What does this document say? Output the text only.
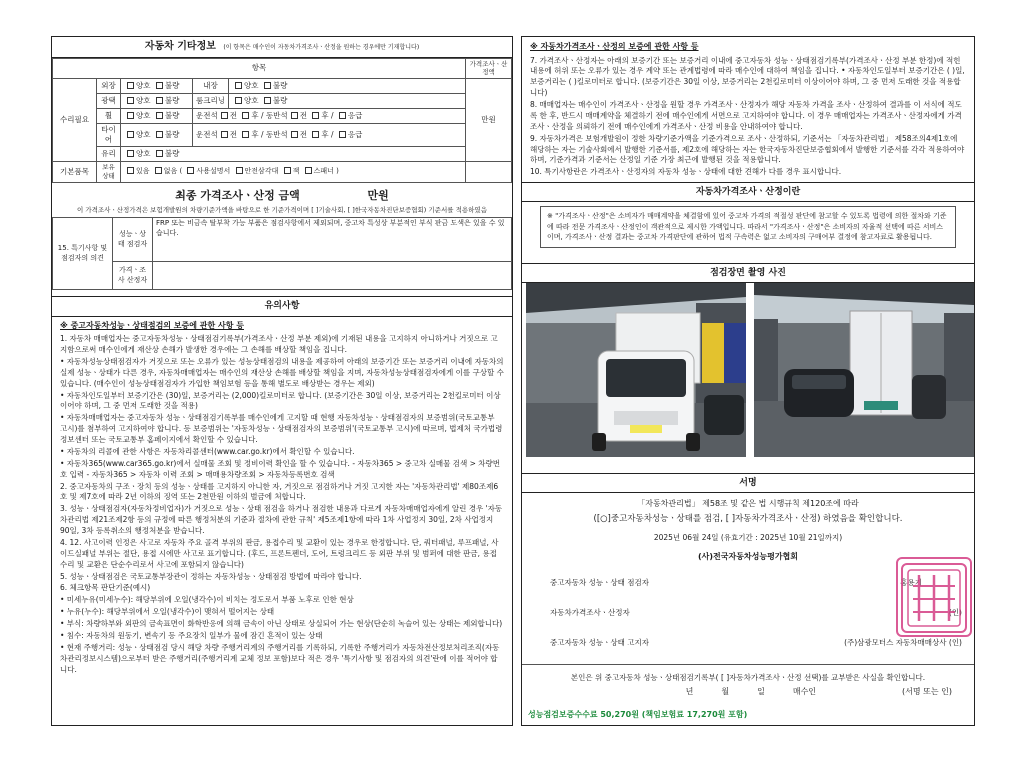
자동차 기타정보 (이 항목은 매수인이 자동차가격조사ㆍ산정을 원하는 경우에만 기재합니다)
항목					가격조사ㆍ산정액
수리필요	외장	양호 불량	내장	양호 불량	만원
	광택	양호 불량	룸크리닝	양호 불량	
	휠	양호 불량	운전석 전 후 / 동반석 전 후 / 응급		
	타이어	양호 불량	운전석 전 후 / 동반석 전 후 / 응급		
	유리	양호 불량			
기본품목	보유상태	있음 없음 ( 사용설명서 안전삼각대 잭 스패너 )			
최종 가격조사ㆍ산정 금액	만원
이 가격조사ㆍ산정가격은 보험개발원의 차량기준가액을 바탕으로 한 기준가격이며 [ ]기술사회, [ ]한국자동차진단보증협회) 기준서를 적용하였음
15. 특기사항 및 점검자의 의견	성능ㆍ상태 점검자	FRP 또는 비금속 탈부착 가능 부품은 점검사항에서 제외되며, 중고차 특성상 부분적인 부식 판금 도색은 있을 수 있습니다.
	가격ㆍ조사 산정자	
유의사항
※ 중고자동차성능ㆍ상태점검의 보증에 관한 사항 등

1. 자동차 매매업자는 중고자동차성능ㆍ상태점검기록부(가격조사ㆍ산정 부분 제외)에 기재된 내용을 고지하지 아니하거나 거짓으로 고지함으로써 매수인에게 재산상 손해가 발생한 경우에는 그 손해를 배상할 책임을 집니다.

• 자동차성능상태점검자가 거짓으로 또는 오류가 있는 성능상태점검의 내용을 제공하여 아래의 보증기간 또는 보증거리 이내에 자동차의 실제 성능ㆍ상태가 다른 경우, 자동차매매업자는 매수인의 재산상 손해를 배상할 책임을 지며, 자동차성능상태점검자에게 이를 구상할 수 있습니다. (매수인이 성능상태점검자가 가입한 책임보험 등을 통해 별도로 배상받는 경우는 제외)

• 자동차인도일부터 보증기간은 (30)일, 보증거리는 (2,000)킬로미터로 합니다. (보증기간은 30일 이상, 보증거리는 2천킬로미터 이상이어야 하며, 그 중 먼저 도래한 것을 적용)

• 자동차매매업자는 중고자동차 성능ㆍ상태점검기록부를 매수인에게 고지할 때 현행 자동차성능ㆍ상태점검자의 보증범위(국토교통부 고시)를 첨부하여 고지하여야 합니다. 등 보증범위는 '자동차성능ㆍ상태점검자의 보증범위'(국토교통부 고시)에 따르며, 법제처 국가법령정보센터 또는 국토교통부 홈페이지에서 확인할 수 있습니다.

• 자동차의 리콜에 관한 사항은 자동차리콜센터(www.car.go.kr)에서 확인할 수 있습니다.

• 자동차365(www.car365.go.kr)에서 실매물 조회 및 정비이력 확인을 할 수 있습니다. - 자동차365 > 중고차 실매물 검색 > 차량번호 입력 - 자동차365 > 자동차 이력 조회 > 매매용차량조회 > 자동차등록번호 검색

2. 중고자동차의 구조ㆍ장치 등의 성능ㆍ상태를 고지하지 아니한 자, 거짓으로 점검하거나 거짓 고지한 자는 '자동차관리법' 제80조제6호 및 제7호에 따라 2년 이하의 징역 또는 2천만원 이하의 벌금에 처합니다.

3. 성능ㆍ상태점검자(자동차정비업자)가 거짓으로 성능ㆍ상태 점검을 하거나 점검한 내용과 다르게 자동차매매업자에게 알린 경우 '자동차관리법 제21조제2항 등의 규정에 따른 행정처분의 기준과 절차에 관한 규칙' 제5조제1항에 따라 1차 사업정지 30일, 2차 사업정지 90일, 3차 등록취소의 행정처분을 받습니다.

4. 12. 사고이력 인정은 사고로 자동차 주요 골격 부위의 판금, 용접수리 및 교환이 있는 경우로 한정합니다. 단, 쿼터패널, 루프패널, 사이드실패널 부위는 절단, 용접 시에만 사고로 표기합니다. (후드, 프론트펜더, 도어, 트렁크리드 등 외판 부위 및 범퍼에 대한 판금, 용접수리 및 교환은 단순수리로서 사고에 포함되지 않습니다)

5. 성능ㆍ상태점검은 국토교통부장관이 정하는 자동차성능ㆍ상태점검 방법에 따라야 합니다.

6. 체크항목 판단기준(예시)

• 미세누유(미세누수): 해당부위에 오일(냉각수)이 비치는 정도로서 부품 노후로 인한 현상

• 누유(누수): 해당부위에서 오일(냉각수)이 맺혀서 떨어지는 상태

• 부식: 차량하부와 외판의 금속표면이 화학반응에 의해 금속이 아닌 상태로 상실되어 가는 현상(단순히 녹슬어 있는 상태는 제외합니다)

• 침수: 자동차의 원동기, 변속기 등 주요장치 일부가 물에 잠긴 흔적이 있는 상태

• 현재 주행거리: 성능ㆍ상태점검 당시 해당 차량 주행거리계의 주행거리를 기록하되, 기록한 주행거리가 자동차전산정보처리조직(자동차관리정보시스템)으로부터 받은 주행거리(주행거리계 교체 정보 포함)보다 적은 경우 '특기사항 및 점검자의 의견'란에 이를 적어야 합니다.

※ 자동차가격조사ㆍ산정의 보증에 관한 사항 등

7. 가격조사ㆍ산정자는 아래의 보증기간 또는 보증거리 이내에 중고자동차 성능ㆍ상태점검기록부(가격조사ㆍ산정 부분 한정)에 적힌 내용에 허위 또는 오류가 있는 경우 계약 또는 관계법령에 따라 매수인에 대하여 책임을 집니다. • 자동차인도일부터 보증기간은 ( )일, 보증거리는 ( )킬로미터로 합니다. (보증기간은 30일 이상, 보증거리는 2천킬로미터 이상이어야 하며, 그 중 먼저 도래한 것을 적용합니다)

8. 매매업자는 매수인이 가격조사ㆍ산정을 원할 경우 가격조사ㆍ산정자가 해당 자동차 가격을 조사ㆍ산정하여 결과를 이 서식에 적도록 한 후, 반드시 매매계약을 체결하기 전에 매수인에게 서면으로 고지하여야 합니다. 이 경우 매매업자는 가격조사ㆍ산정자에게 가격조사ㆍ산정을 의뢰하기 전에 매수인에게 가격조사ㆍ산정 비용을 안내하여야 합니다.

9. 자동차가격은 보험개발원이 정한 차량기준가액을 기준가격으로 조사ㆍ산정하되, 기준서는 「자동차관리법」 제58조의4제1호에 해당하는 자는 기술사회에서 발행한 기준서를, 제2호에 해당하는 자는 한국자동차진단보증협회에서 발행한 기준서를 각각 적용하여야 하며, 기준가격과 기준서는 산정일 기준 가장 최근에 발행된 것을 적용합니다.

10. 특기사항란은 가격조사ㆍ산정자의 자동차 성능ㆍ상태에 대한 견해가 다를 경우 표시합니다.

자동차가격조사ㆍ산정이란
※ "가격조사ㆍ산정"은 소비자가 매매계약을 체결함에 있어 중고차 가격의 적절성 판단에 참고할 수 있도록 법령에 의한 절차와 기준에 따라 전문 가격조사ㆍ산정인이 객관적으로 제시한 가액입니다. 따라서 "가격조사ㆍ산정"은 소비자의 자율적 선택에 따른 서비스이며, 가격조사ㆍ산정 결과는 중고차 가격판단에 관하여 법적 구속력은 없고 소비자의 구매여부 결정에 참고자료로 활용됩니다.
점검장면 촬영 사진
서명
「자동차관리법」 제58조 및 같은 법 시행규칙 제120조에 따라
([○]중고자동차성능ㆍ상태를 점검, [ ]자동차가격조사ㆍ산정) 하였음을 확인합니다.
2025년 06월 24일 (유효기간 : 2025년 10월 21일까지)
(사)전국자동차성능평가협회
중고자동차 성능ㆍ상태 점검자	홍용기
자동차가격조사ㆍ산정자	(인)
중고자동차 성능ㆍ상태 고지자	(주)삼광모터스 자동차매매상사 (인)
본인은 위 중고자동차 성능ㆍ상태점검기록부( [ ]자동차가격조사ㆍ산정 선택)를 교부받은 사실을 확인합니다.
년	월	일	매수인	(서명 또는 인)
성능점검보증수수료 50,270원 (책임보험료 17,270원 포함)
